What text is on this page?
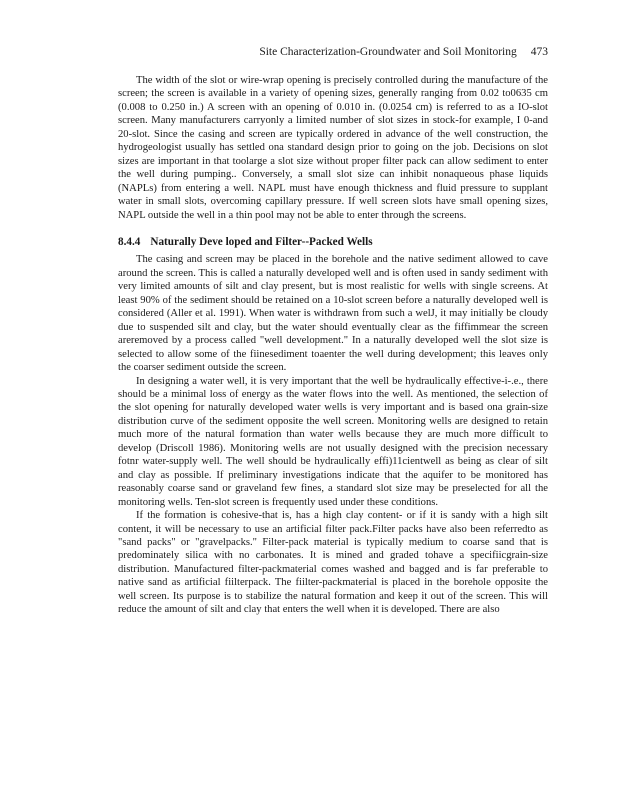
Site Characterization-Groundwater and Soil Monitoring 473

The width of the slot or wire-wrap opening is precisely controlled during the manufacture of the screen; the screen is available in a variety of opening sizes, generally ranging from 0.02 to0635 cm (0.008 to 0.250 in.) A screen with an opening of 0.010 in. (0.0254 cm) is referred to as a IO-slot screen. Many manufacturers carryonly a limited number of slot sizes in stock-for example, I 0-and 20-slot. Since the casing and screen are typically ordered in advance of the well construction, the hydrogeologist usually has settled ona standard design prior to going on the job. Decisions on slot sizes are important in that toolarge a slot size without proper filter pack can allow sediment to enter the well during pumping.. Conversely, a small slot size can inhibit nonaqueous phase liquids (NAPLs) from entering a well. NAPL must have enough thickness and fluid pressure to supplant water in small slots, overcoming capillary pressure. If well screen slots have small opening sizes, NAPL outside the well in a thin pool may not be able to enter through the screens.

8.4.4 Naturally Deve loped and Filter--Packed Wells

The casing and screen may be placed in the borehole and the native sediment allowed to cave around the screen. This is called a naturally developed well and is often used in sandy sediment with very limited amounts of silt and clay present, but is most realistic for wells with single screens. At least 90% of the sediment should be retained on a 10-slot screen before a naturally developed well is considered (Aller et al. 1991). When water is withdrawn from such a welJ, it may initially be cloudy due to suspended silt and clay, but the water should eventually clear as the fiffimmear the screen areremoved by a process called "well development." In a naturally developed well the slot size is selected to allow some of the fiinesediment toaenter the well during development; this leaves only the coarser sediment outside the screen.

In designing a water well, it is very important that the well be hydraulically effective-i-.e., there should be a minimal loss of energy as the water flows into the well. As mentioned, the selection of the slot opening for naturally developed water wells is very important and is based ona grain-size distribution curve of the sediment opposite the well screen. Monitoring wells are designed to retain much more of the natural formation than water wells because they are much more difficult to develop (Driscoll 1986). Monitoring wells are not usually designed with the precision necessary fotnr water-supply well. The well should be hydraulically effi)11cientwell as being as clear of silt and clay as possible. If preliminary investigations indicate that the aquifer to be monitored has reasonably coarse sand or graveland few fines, a standard slot size may be preselected for all the monitoring wells. Ten-slot screen is frequently used under these conditions.

If the formation is cohesive-that is, has a high clay content- or if it is sandy with a high silt content, it will be necessary to use an artificial filter pack.Filter packs have also been referredto as "sand packs" or "gravelpacks." Filter-pack material is typically medium to coarse sand that is predominately silica with no carbonates. It is mined and graded tohave a specifiicgrain-size distribution. Manufactured filter-packmaterial comes washed and bagged and is far preferable to native sand as artificial fiilterpack. The fiilter-packmaterial is placed in the borehole opposite the well screen. Its purpose is to stabilize the natural formation and keep it out of the screen. This will reduce the amount of silt and clay that enters the well when it is developed. There are also
